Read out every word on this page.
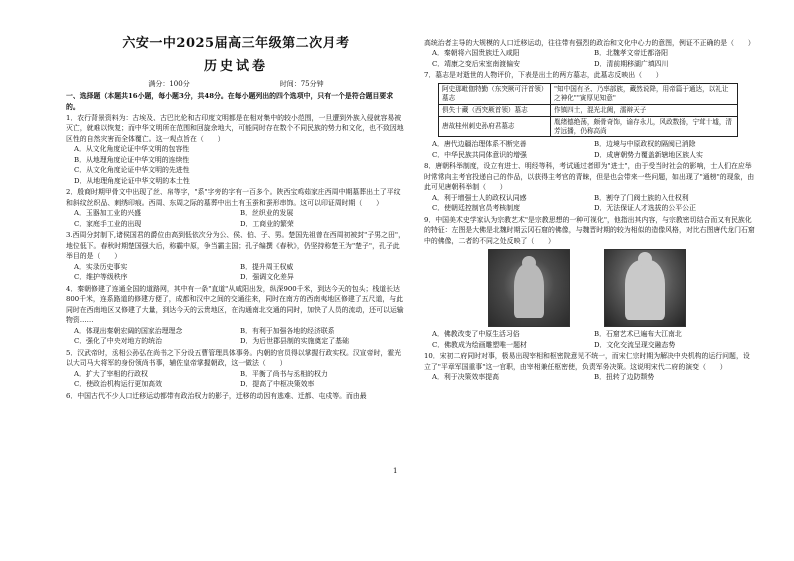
六安一中2025届高三年级第二次月考
历史试卷
满分：100分	时间：75分钟

一、选择题（本题共16小题，每小题3分，共48分。在每小题列出的四个选项中，只有一个是符合题目要求的。

1．农行背景资料为：古埃及、古巴比伦和古印度文明都是在相对集中的较小范围，一旦遭到外族入侵就容易被灭亡，就难以恢复；而中华文明所在范围和回旋余地大，可能同时存在数个不同民族的势力和文化，也不致因地区性的自然灾害而全体覆亡。这一观点旨在（　　）

A．从文化角度论证中华文明的包容性

B．从地理角度论证中华文明的连续性

C．从文化角度论证中华文明的先进性

D．从地理角度论证中华文明的本土性

2．殷商时期甲骨文中出现了丝、帛等字，"系"字旁的字有一百多个。陕西宝鸡茹家庄西周中期墓葬出土了平纹和斜纹丝织品、刺绣印痕。西周、东周之际的墓葬中出土有玉蚕和蚕形串饰。这可以印证周时期（　　）

A．玉器加工业的兴盛	B．丝织业的发展

C．家庭手工业的出现	D．工商业的繁荣

3.西周分封制下,诸侯国君的爵位由高到低依次分为公、侯、伯、子、男。楚国先祖曾在西周初被封"子男之田"，地位低下。春秋时期楚国强大后，称霸中原，争当霸主国；孔子编撰《春秋》，仍坚持称楚王为"楚子"，孔子此举目的是（　　）

A．实录历史事实	B．提升周王权威

C．维护等级秩序	D．强调文化差异

4．秦朝修建了连通全国的道路网，其中有一条"直道"从咸阳出发，纵深900千米，到达今天的包头；栈道长达800千米，连系路道的修建方便了，成都和汉中之间的交通往来，同时在南方的西南夷地区修建了五尺道，与此同时在西南地区又修建了大量，到达今天的云贵地区，在沟通南北交通的同时，加快了人员的流动，还可以运输物资……

A．体现出秦朝宏阔的国家治理理念	B．有利于加强各地的经济联系

C．强化了中央对地方的统治	D．为后世郡县制的实施奠定了基础

5．汉武帝时，丞相公孙弘在尚书之下分设五曹管理具体事务。内朝的官员得以掌握行政实权。汉宣帝时，霍光以大司马大将军的身份领尚书事，辅佐皇帝掌握朝政，这一做法（　　）

A．扩大了宰相的行政权	B．平衡了尚书与丞相的权力

C．使政治机构运行更加高效	D．提高了中枢决策效率

6．中国古代不少人口迁移运动都带有政治权力的影子，迁移的动因有逃难、迁都、屯戍等。而由最

高统治者主导的大规模的人口迁移运动，往往带有强烈的政治和文化中心力的意图，例证不正确的是（　　）

A．秦朝将六国贵族迁入咸阳	B．北魏孝文帝迁都洛阳

C．靖康之变后宋室南渡偏安	D．清前期移湖广填四川

7．墓志是对逝世的人物评价，下表是出土的两方墓志，此墓志反映出（　　）

阿史那毗伽特勤（东突厥可汗首领）墓志	"知中国有圣、乃率部族，藏然说降，用帝篇于通达，以礼让之神化""寅厚见知意"
俱失十藏（西突厥首领）墓志	作镇四土，混光北阙，濡辩天子
唐故桂州刺史孙府君墓志	胤绪德绝荡，颇骨奇饰，谕存永儿，风政数扬，宁茸十墟，清芳远播，仍称高尚

A．唐代边疆治理体系不断完善	B．边境与中原政权的隔阂已消除

C．中华民族共同体意识的增强	D．成唐朝势力覆盖新辖地区族人实

8．唐朝科举制度，设立有进士、明经等科，考试通过者即为"进士"，由于受当时社会的影响，士人们在应举时常常向主考官投递自己的作品，以获得主考官的青睐，但是也会带来一些问题，如出现了"通榜"的现象，由此可见唐朝科举制（　　）

A．利于增强士人的政权认同感	B．割夺了门阀士族的入仕权利

C．使朝廷控制官员考核制度	D．无法保证人才选拔的公平公正

9．中国美术史学家认为宗教艺术"是宗教思想的一种可视化"，他指出其内容，与宗教密切结合而又有民族化的特征：左图是大佛是北魏时期云冈石窟的佛像，与魏晋时期的较为相似的造像风格，对比右图唐代龙门石窟中的佛像，二者的不同之处反映了（　　）

A．佛教改变了中原生活习俗	B．石窟艺术已遍布大江南北

C．佛教成为绘画雕塑唯一题材	D．文化交流呈现交融态势

10．宋初二府同时对事，极易出现宰相和枢密院意见不统一，而宋仁宗时期为解决中央机构的运行问题，设立了"平章军国重事"这一官职，由宰相兼任枢密使，负责军务决策。这说明宋代二府的演变（　　）

A．利于决策效率提高	B．扭转了边防颓势

1
